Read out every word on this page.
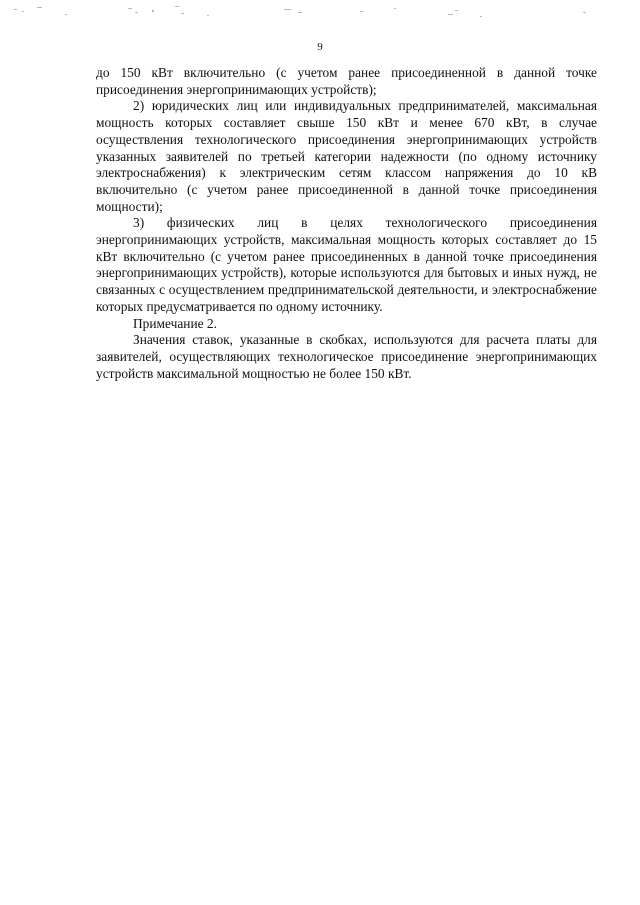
9

до 150 кВт включительно (с учетом ранее присоединенной в данной точке присоединения энергопринимающих устройств);

2) юридических лиц или индивидуальных предпринимателей, максимальная мощность которых составляет свыше 150 кВт и менее 670 кВт, в случае осуществления технологического присоединения энергопринимающих устройств указанных заявителей по третьей категории надежности (по одному источнику электроснабжения) к электрическим сетям классом напряжения до 10 кВ включительно (с учетом ранее присоединенной в данной точке присоединения мощности);

3) физических лиц в целях технологического присоединения энергопринимающих устройств, максимальная мощность которых составляет до 15 кВт включительно (с учетом ранее присоединенных в данной точке присоединения энергопринимающих устройств), которые используются для бытовых и иных нужд, не связанных с осуществлением предпринимательской деятельности, и электроснабжение которых предусматривается по одному источнику.

Примечание 2.

Значения ставок, указанные в скобках, используются для расчета платы для заявителей, осуществляющих технологическое присоединение энергопринимающих устройств максимальной мощностью не более 150 кВт.
